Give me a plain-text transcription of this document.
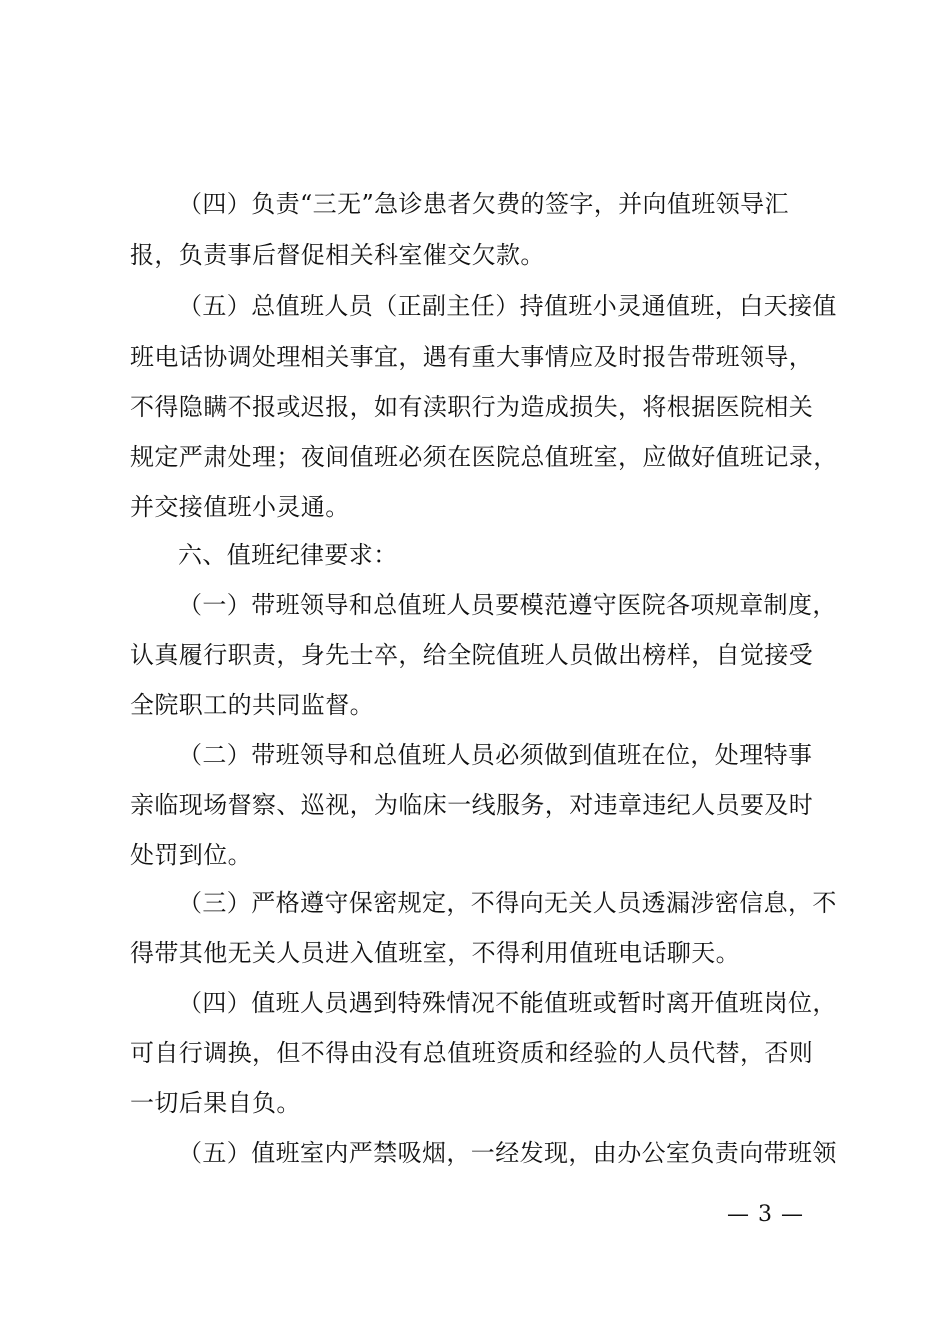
（四）负责“三无”急诊患者欠费的签字，并向值班领导汇
报，负责事后督促相关科室催交欠款。
（五）总值班人员（正副主任）持值班小灵通值班，白天接值
班电话协调处理相关事宜，遇有重大事情应及时报告带班领导，
不得隐瞒不报或迟报，如有渎职行为造成损失，将根据医院相关
规定严肃处理；夜间值班必须在医院总值班室，应做好值班记录，
并交接值班小灵通。
六、值班纪律要求：
（一）带班领导和总值班人员要模范遵守医院各项规章制度，
认真履行职责，身先士卒，给全院值班人员做出榜样，自觉接受
全院职工的共同监督。
（二）带班领导和总值班人员必须做到值班在位，处理特事
亲临现场督察、巡视，为临床一线服务，对违章违纪人员要及时
处罚到位。
（三）严格遵守保密规定，不得向无关人员透漏涉密信息，不
得带其他无关人员进入值班室，不得利用值班电话聊天。
（四）值班人员遇到特殊情况不能值班或暂时离开值班岗位，
可自行调换，但不得由没有总值班资质和经验的人员代替，否则
一切后果自负。
（五）值班室内严禁吸烟，一经发现，由办公室负责向带班领
— 3 —
